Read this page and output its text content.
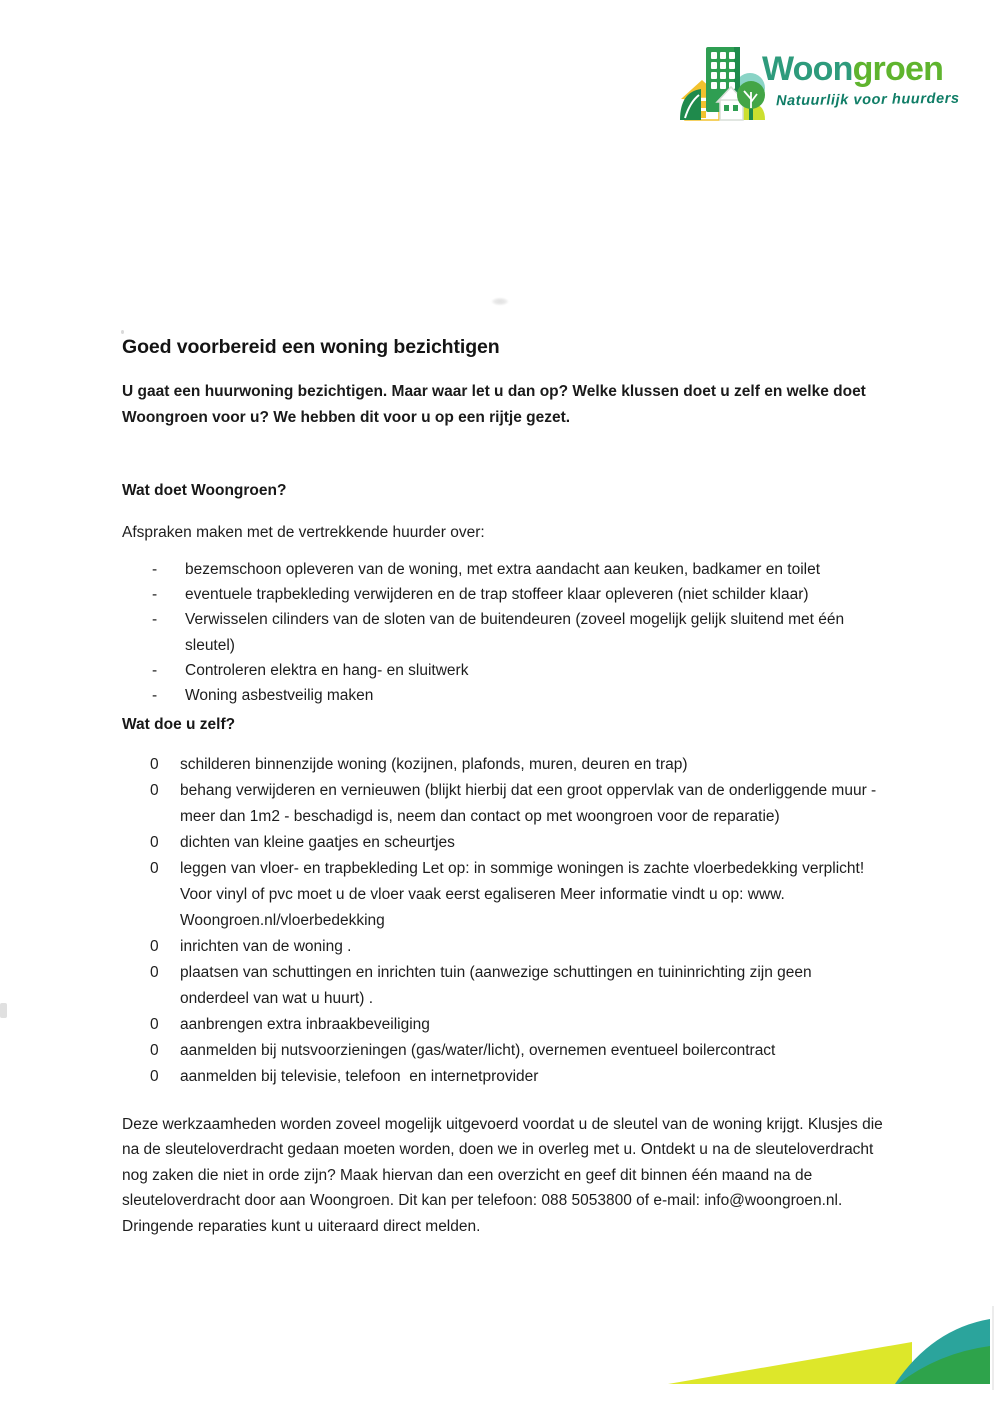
Woongroen
Natuurlijk voor huurders
Goed voorbereid een woning bezichtigen

U gaat een huurwoning bezichtigen. Maar waar let u dan op? Welke klussen doet u zelf en welke doet Woongroen voor u? We hebben dit voor u op een rijtje gezet.

Wat doet Woongroen?

Afspraken maken met de vertrekkende huurder over:

-	bezemschoon opleveren van de woning, met extra aandacht aan keuken, badkamer en toilet
-	eventuele trapbekleding verwijderen en de trap stoffeer klaar opleveren (niet schilder klaar)
-	Verwisselen cilinders van de sloten van de buitendeuren (zoveel mogelijk gelijk sluitend met één sleutel)
-	Controleren elektra en hang- en sluitwerk
-	Woning asbestveilig maken
Wat doe u zelf?
0	schilderen binnenzijde woning (kozijnen, plafonds, muren, deuren en trap)
0	behang verwijderen en vernieuwen (blijkt hierbij dat een groot oppervlak van de onderliggende muur - meer dan 1m2 - beschadigd is, neem dan contact op met woongroen voor de reparatie)
0	dichten van kleine gaatjes en scheurtjes
0	leggen van vloer- en trapbekleding Let op: in sommige woningen is zachte vloerbedekking verplicht! Voor vinyl of pvc moet u de vloer vaak eerst egaliseren Meer informatie vindt u op: www. Woongroen.nl/vloerbedekking
0	inrichten van de woning .
0	plaatsen van schuttingen en inrichten tuin (aanwezige schuttingen en tuininrichting zijn geen onderdeel van wat u huurt) .
0	aanbrengen extra inbraakbeveiliging
0	aanmelden bij nutsvoorzieningen (gas/water/licht), overnemen eventueel boilercontract
0	aanmelden bij televisie, telefoon  en internetprovider

Deze werkzaamheden worden zoveel mogelijk uitgevoerd voordat u de sleutel van de woning krijgt. Klusjes die na de sleuteloverdracht gedaan moeten worden, doen we in overleg met u. Ontdekt u na de sleuteloverdracht nog zaken die niet in orde zijn? Maak hiervan dan een overzicht en geef dit binnen één maand na de sleuteloverdracht door aan Woongroen. Dit kan per telefoon: 088 5053800 of e-mail: info@woongroen.nl. Dringende reparaties kunt u uiteraard direct melden.
